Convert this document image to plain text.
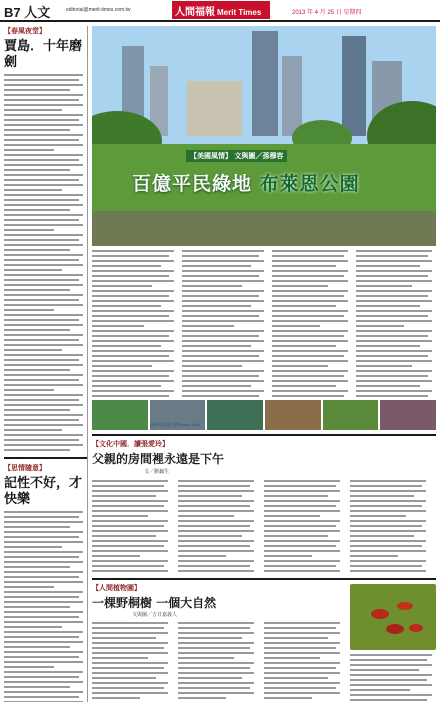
B7 人文	editorial@merit-times.com.tw	人間福報 Merit Times	2013 年 4 月 25 日 星期四
【春風夜堂】
賈島．十年磨劍
【思情隨意】
記性不好，才快樂
【美國風情】 文與圖／孫穆容
百億平民綠地 布萊恩公園
紐約布萊恩公園 Bryant Park
【文化中國．讀張愛玲】
父親的房間裡永遠是下午
文／劉藕生
【人間植物園】
一棵野桐樹 一個大自然
文與圖／吉日嘉義人
